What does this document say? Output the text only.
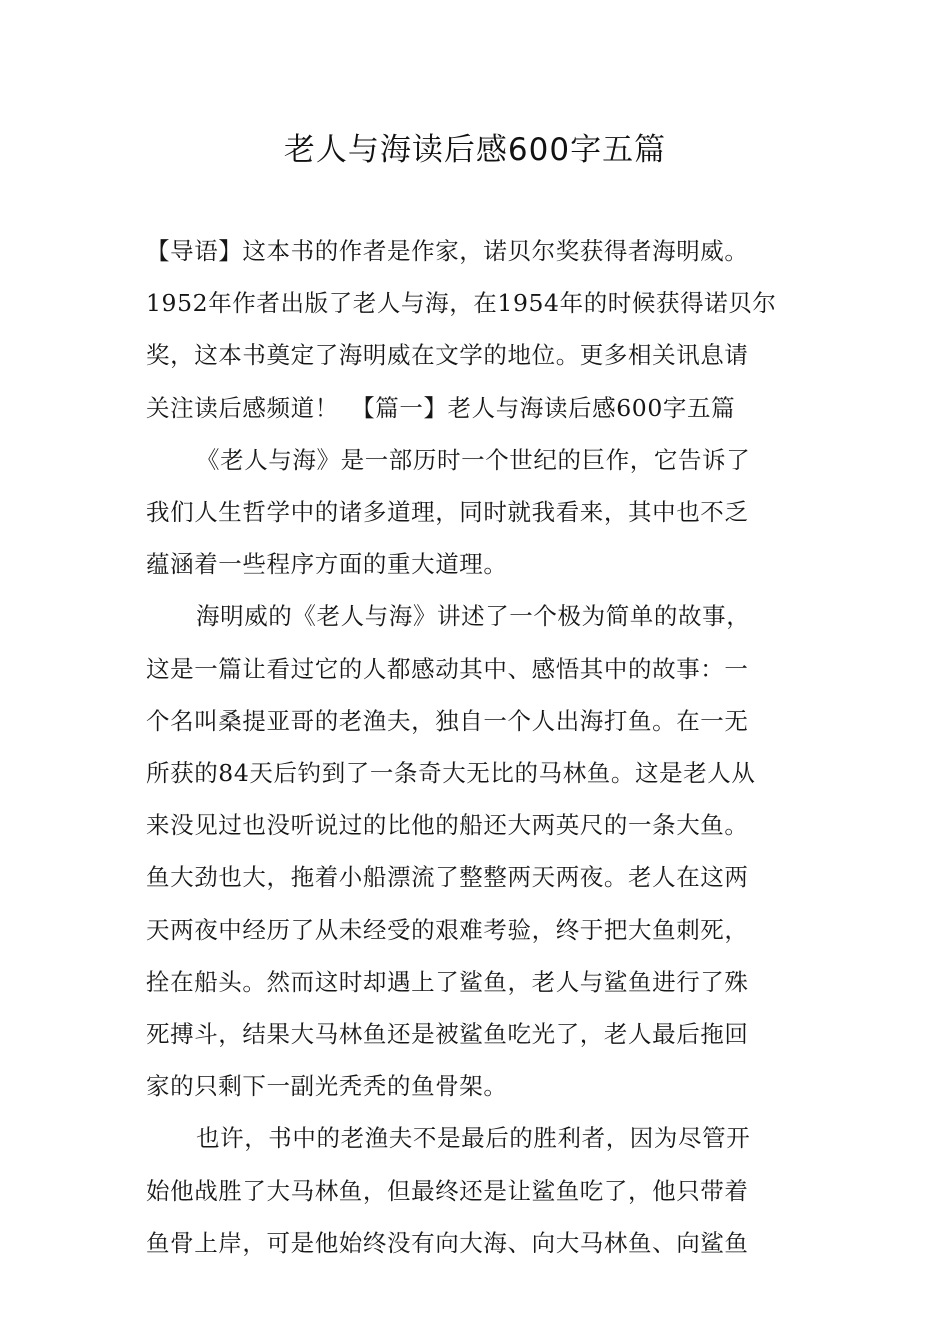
老人与海读后感600字五篇
【导语】这本书的作者是作家，诺贝尔奖获得者海明威。
1952年作者出版了老人与海，在1954年的时候获得诺贝尔
奖，这本书奠定了海明威在文学的地位。更多相关讯息请
关注读后感频道！　【篇一】老人与海读后感600字五篇
《老人与海》是一部历时一个世纪的巨作，它告诉了
我们人生哲学中的诸多道理，同时就我看来，其中也不乏
蕴涵着一些程序方面的重大道理。
海明威的《老人与海》讲述了一个极为简单的故事，
这是一篇让看过它的人都感动其中、感悟其中的故事：一
个名叫桑提亚哥的老渔夫，独自一个人出海打鱼。在一无
所获的84天后钓到了一条奇大无比的马林鱼。这是老人从
来没见过也没听说过的比他的船还大两英尺的一条大鱼。
鱼大劲也大，拖着小船漂流了整整两天两夜。老人在这两
天两夜中经历了从未经受的艰难考验，终于把大鱼刺死，
拴在船头。然而这时却遇上了鲨鱼，老人与鲨鱼进行了殊
死搏斗，结果大马林鱼还是被鲨鱼吃光了，老人最后拖回
家的只剩下一副光秃秃的鱼骨架。
也许，书中的老渔夫不是最后的胜利者，因为尽管开
始他战胜了大马林鱼，但最终还是让鲨鱼吃了，他只带着
鱼骨上岸，可是他始终没有向大海、向大马林鱼、向鲨鱼
